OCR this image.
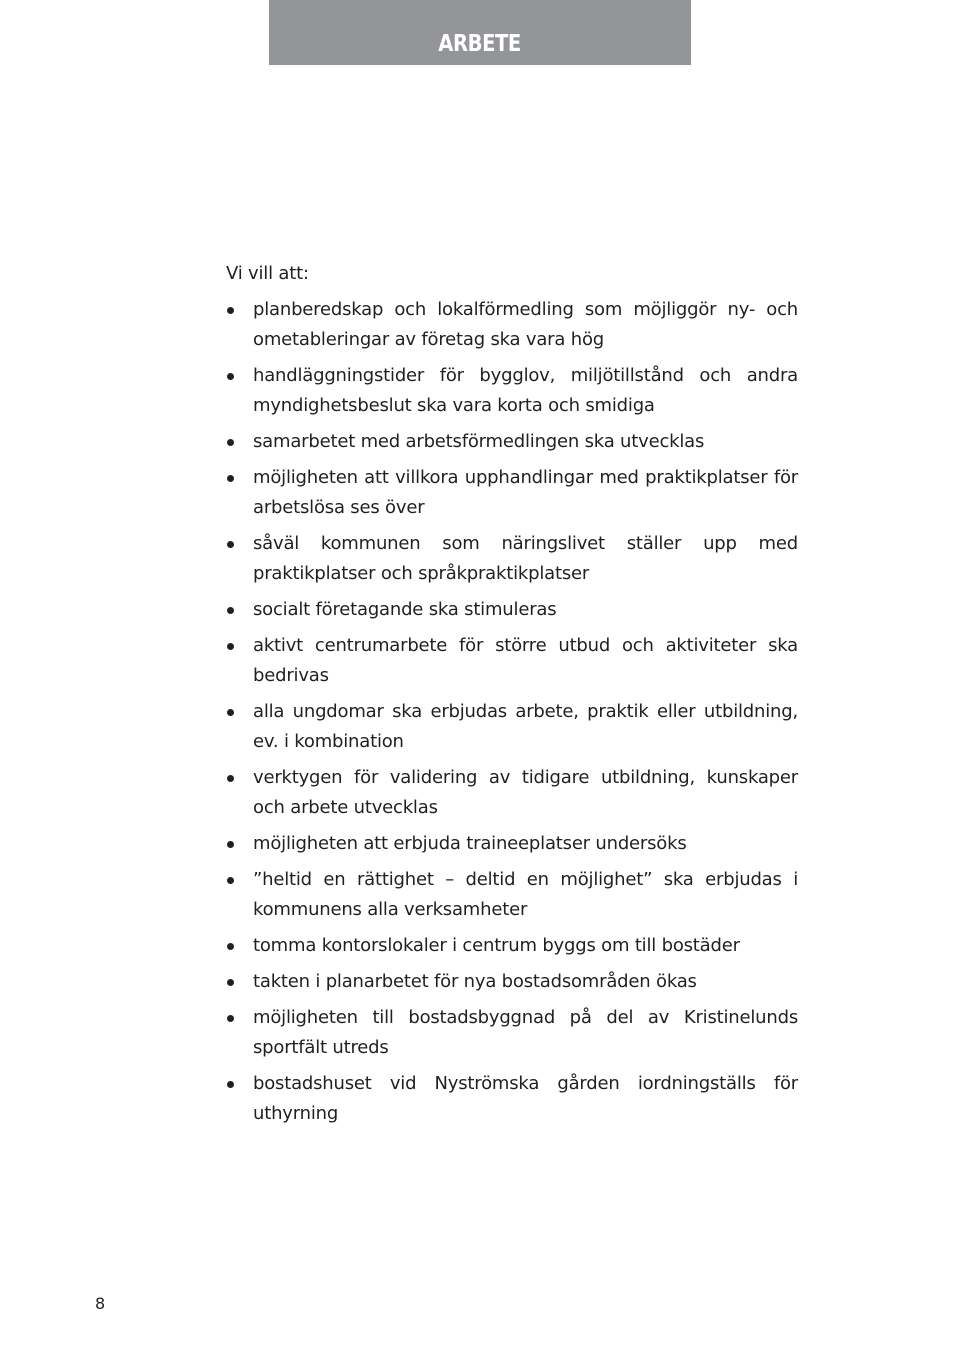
ARBETE

Vi vill att:

planberedskap och lokalförmedling som möjliggör ny- och ometableringar av företag ska vara hög
handläggningstider för bygglov, miljötillstånd och andra myndighetsbeslut ska vara korta och smidiga
samarbetet med arbetsförmedlingen ska utvecklas
möjligheten att villkora upphandlingar med praktikplatser för arbetslösa ses över
såväl kommunen som näringslivet ställer upp med praktikplatser och språkpraktikplatser
socialt företagande ska stimuleras
aktivt centrumarbete för större utbud och aktiviteter ska bedrivas
alla ungdomar ska erbjudas arbete, praktik eller utbildning, ev. i kombination
verktygen för validering av tidigare utbildning, kunskaper och arbete utvecklas
möjligheten att erbjuda traineeplatser undersöks
”heltid en rättighet – deltid en möjlighet” ska erbjudas i kommunens alla verksamheter
tomma kontorslokaler i centrum byggs om till bostäder
takten i planarbetet för nya bostadsområden ökas
möjligheten till bostadsbyggnad på del av Kristinelunds sportfält utreds
bostadshuset vid Nyströmska gården iordningställs för uthyrning
8
